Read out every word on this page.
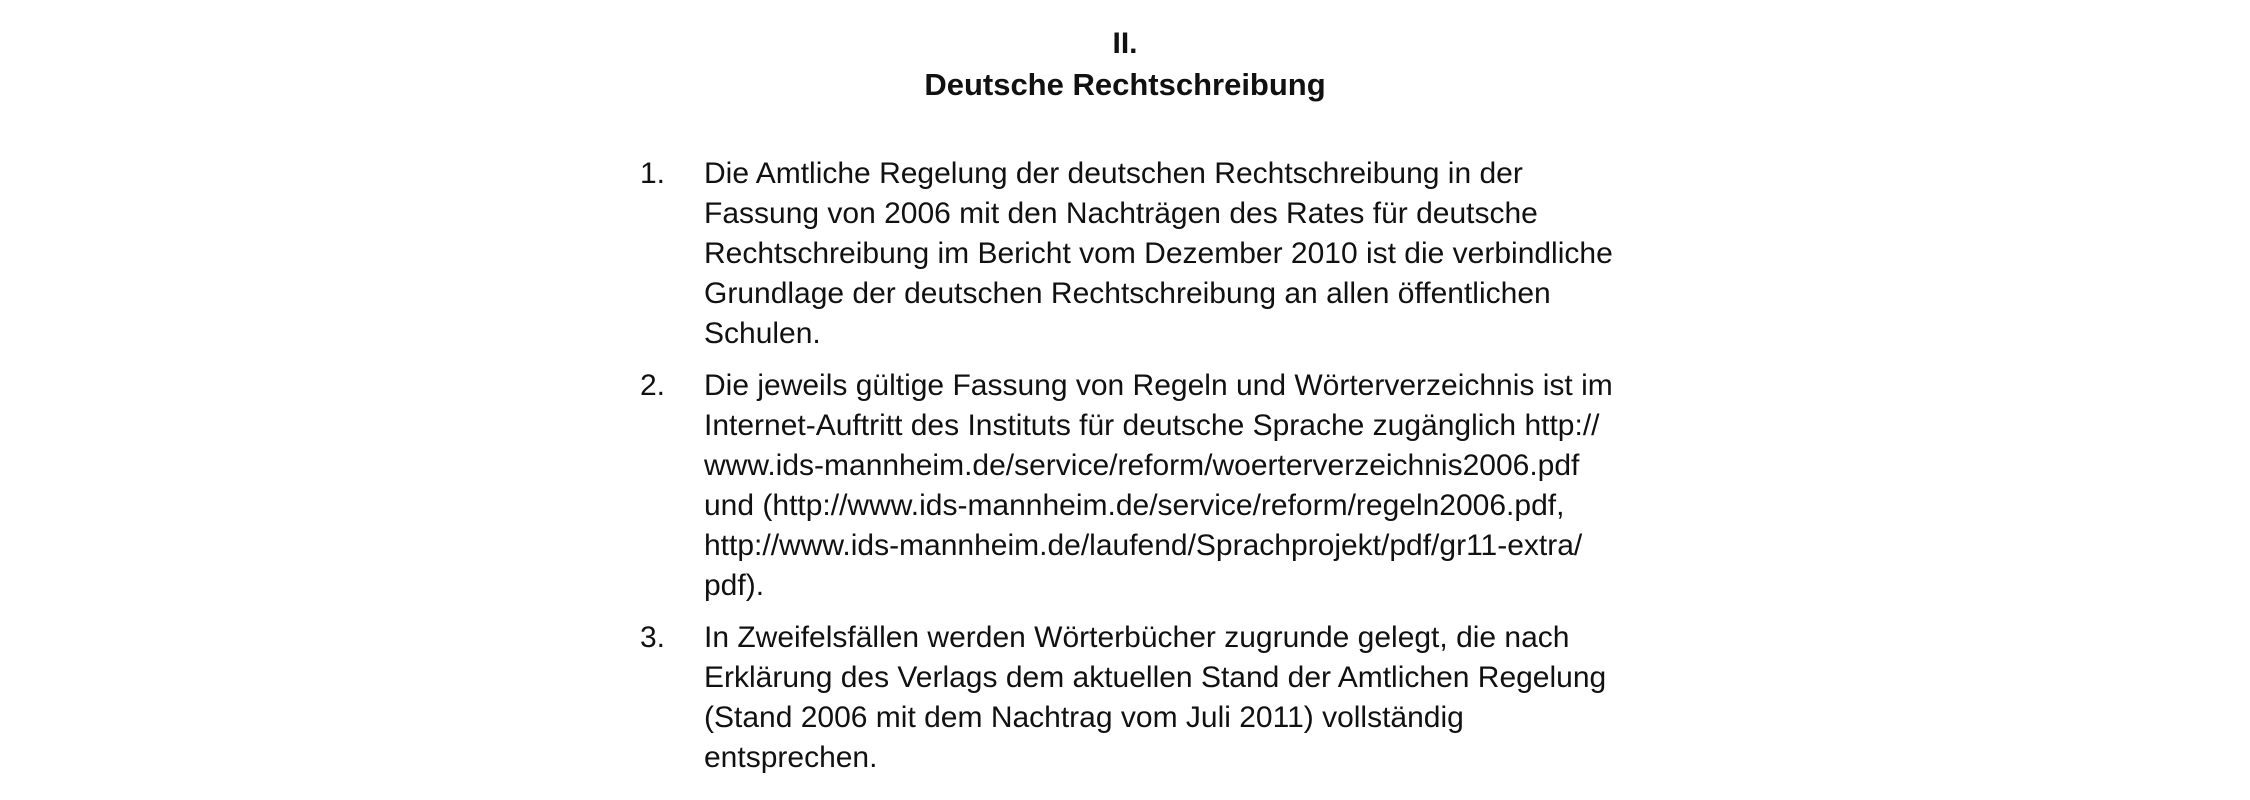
II.
Deutsche Rechtschreibung
1.	Die Amtliche Regelung der deutschen Rechtschreibung in der
Fassung von 2006 mit den Nachträgen des Rates für deutsche
Rechtschreibung im Bericht vom Dezember 2010 ist die verbindliche
Grundlage der deutschen Rechtschreibung an allen öffentlichen
Schulen.
2.	Die jeweils gültige Fassung von Regeln und Wörterverzeichnis ist im
Internet-Auftritt des Instituts für deutsche Sprache zugänglich http://
www.ids-mannheim.de/service/reform/woerterverzeichnis2006.pdf
und (http://www.ids-mannheim.de/service/reform/regeln2006.pdf,
http://www.ids-mannheim.de/laufend/Sprachprojekt/pdf/gr11-extra/
pdf).
3.	In Zweifelsfällen werden Wörterbücher zugrunde gelegt, die nach
Erklärung des Verlags dem aktuellen Stand der Amtlichen Regelung
(Stand 2006 mit dem Nachtrag vom Juli 2011) vollständig
entsprechen.
